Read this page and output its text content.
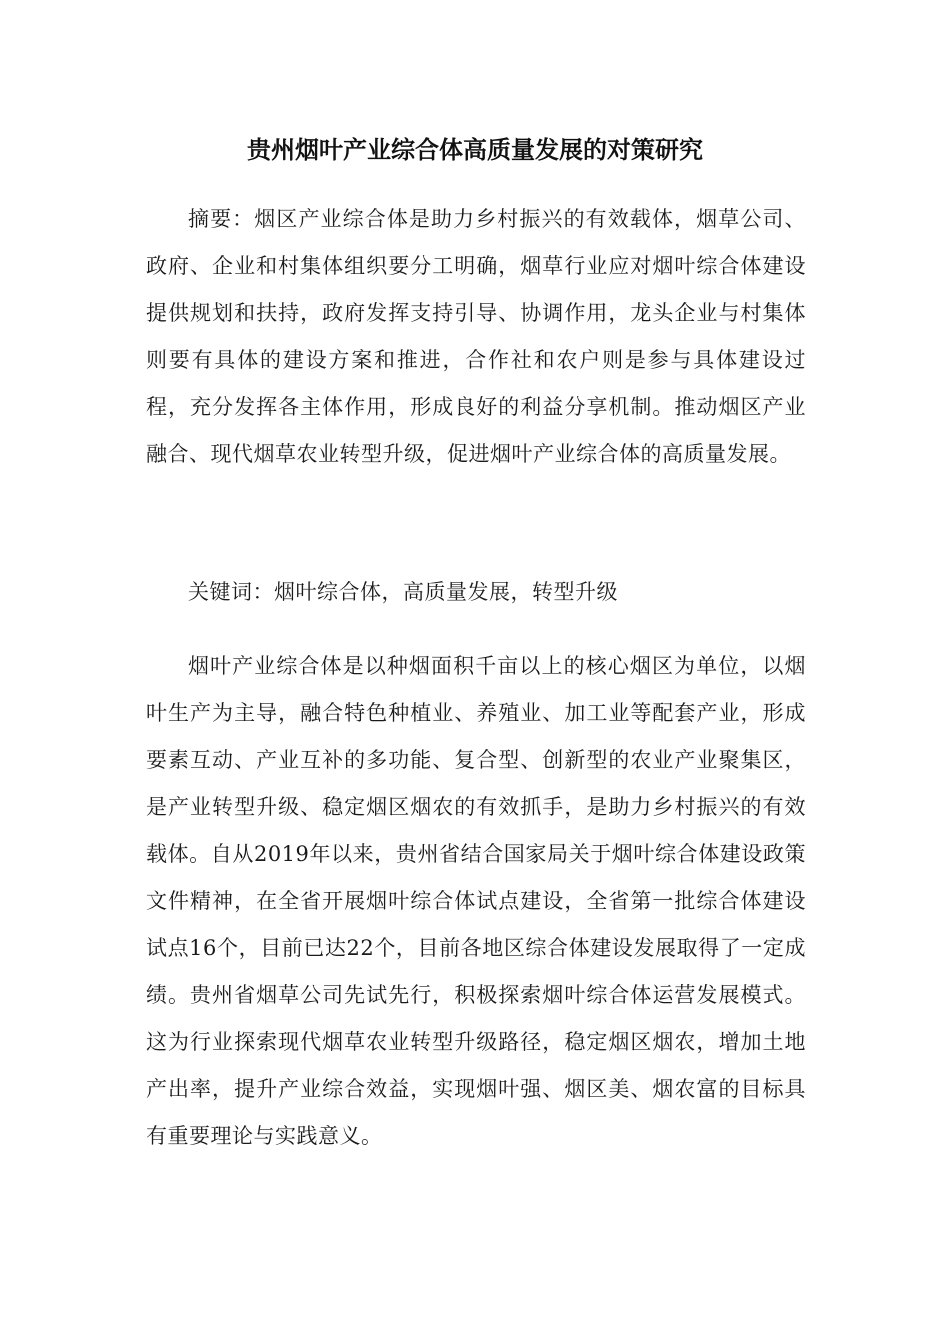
贵州烟叶产业综合体高质量发展的对策研究

摘要：烟区产业综合体是助力乡村振兴的有效载体，烟草公司、政府、企业和村集体组织要分工明确，烟草行业应对烟叶综合体建设提供规划和扶持，政府发挥支持引导、协调作用，龙头企业与村集体则要有具体的建设方案和推进，合作社和农户则是参与具体建设过程，充分发挥各主体作用，形成良好的利益分享机制。推动烟区产业融合、现代烟草农业转型升级，促进烟叶产业综合体的高质量发展。

关键词：烟叶综合体，高质量发展，转型升级

烟叶产业综合体是以种烟面积千亩以上的核心烟区为单位，以烟叶生产为主导，融合特色种植业、养殖业、加工业等配套产业，形成要素互动、产业互补的多功能、复合型、创新型的农业产业聚集区，是产业转型升级、稳定烟区烟农的有效抓手，是助力乡村振兴的有效载体。自从2019年以来，贵州省结合国家局关于烟叶综合体建设政策文件精神，在全省开展烟叶综合体试点建设，全省第一批综合体建设试点16个，目前已达22个，目前各地区综合体建设发展取得了一定成绩。贵州省烟草公司先试先行，积极探索烟叶综合体运营发展模式。这为行业探索现代烟草农业转型升级路径，稳定烟区烟农，增加土地产出率，提升产业综合效益，实现烟叶强、烟区美、烟农富的目标具有重要理论与实践意义。
